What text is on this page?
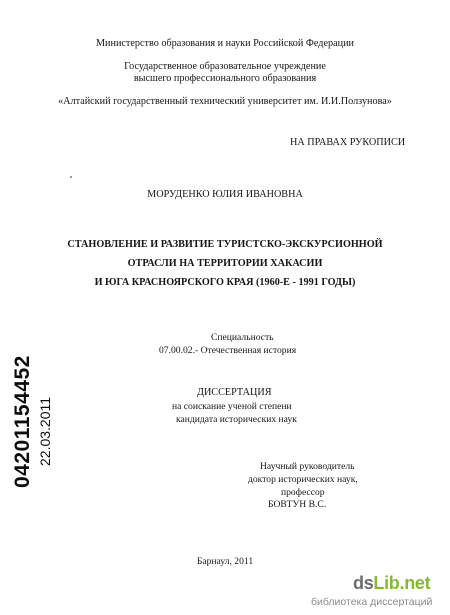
Министерство образования и науки Российской Федерации
Государственное образовательное учреждение
высшего профессионального образования
«Алтайский государственный технический университет им. И.И.Ползунова»
НА ПРАВАХ РУКОПИСИ
МОРУДЕНКО ЮЛИЯ ИВАНОВНА
СТАНОВЛЕНИЕ И РАЗВИТИЕ ТУРИСТСКО-ЭКСКУРСИОННОЙ
ОТРАСЛИ НА ТЕРРИТОРИИ ХАКАСИИ
И ЮГА КРАСНОЯРСКОГО КРАЯ (1960-Е - 1991 ГОДЫ)
Специальность
07.00.02.- Отечественная история
ДИССЕРТАЦИЯ
на соискание ученой степени
кандидата исторических наук
Научный руководитель
доктор исторических наук,
профессор
БОВТУН В.С.
Барнаул, 2011
04201154452 22.03.2011
dsLib.net
библиотека диссертаций
